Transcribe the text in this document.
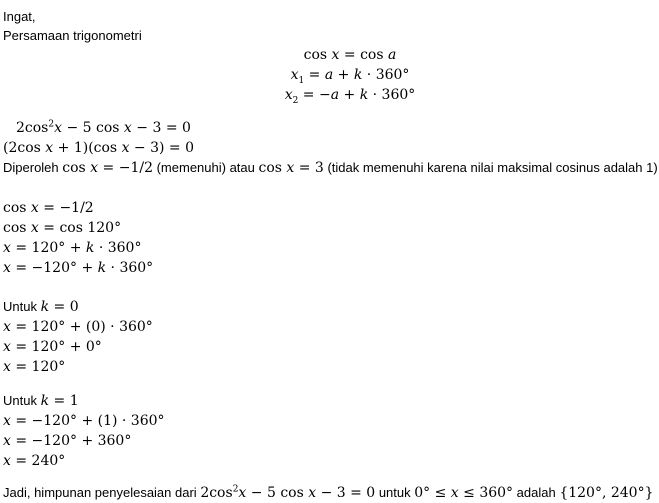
Ingat,
Persamaan trigonometri
cos x = cos a
$x_1 = a + k \cdot 360^\circ$
$x_2 = -a + k \cdot 360^\circ$
$2\cos^2x - 5$ cos x − 3 = 0
(2cos x + 1)(cos x − 3) = 0
Diperoleh cos x = −1/2 (memenuhi) atau cos x = 3 (tidak memenuhi karena nilai maksimal cosinus adalah 1)
cos x = −1/2
cos x = cos 120°
x = 120° + k · 360°
x = −120° + k · 360°
Untuk k = 0
x = 120° + (0) · 360°
x = 120° + 0°
x = 120°
Untuk k = 1
x = −120° + (1) · 360°
x = −120° + 360°
x = 240°
Jadi, himpunan penyelesaian dari $2\cos^2x - 5$ cos x − 3 = 0 untuk 0° ≤ x ≤ 360° adalah {120°, 240°}
